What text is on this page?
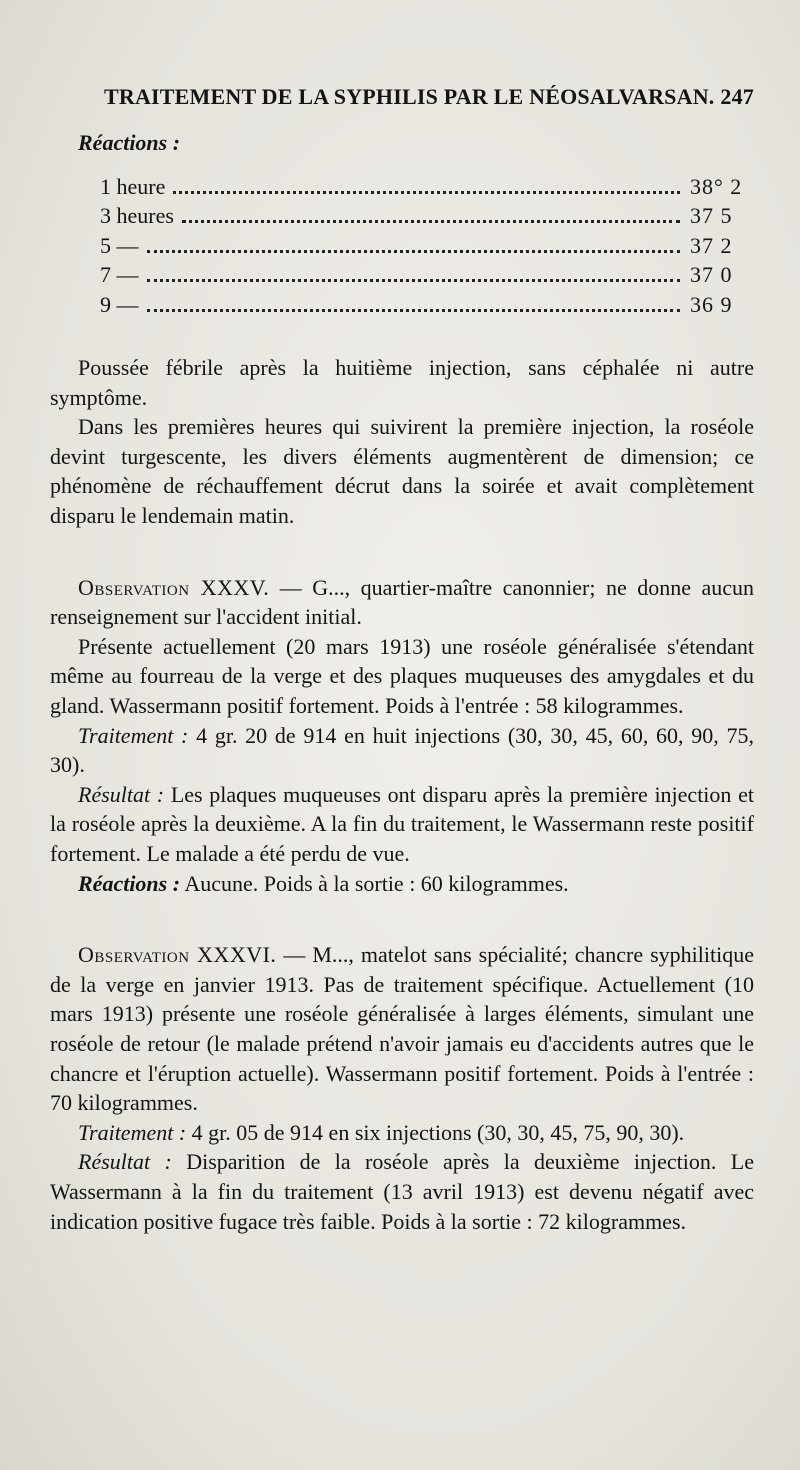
TRAITEMENT DE LA SYPHILIS PAR LE NÉOSALVARSAN. 247
Réactions :
1 heure	38° 2
3 heures	37 5
5 —	37 2
7 —	37 0
9 —	36 9

Poussée fébrile après la huitième injection, sans céphalée ni autre symptôme.

Dans les premières heures qui suivirent la première injection, la roséole devint turgescente, les divers éléments augmentèrent de dimension; ce phénomène de réchauffement décrut dans la soirée et avait complètement disparu le lendemain matin.

Observation XXXV. — G..., quartier-maître canonnier; ne donne aucun renseignement sur l'accident initial.

Présente actuellement (20 mars 1913) une roséole généralisée s'étendant même au fourreau de la verge et des plaques muqueuses des amygdales et du gland. Wassermann positif fortement. Poids à l'entrée : 58 kilogrammes.

Traitement : 4 gr. 20 de 914 en huit injections (30, 30, 45, 60, 60, 90, 75, 30).

Résultat : Les plaques muqueuses ont disparu après la première injection et la roséole après la deuxième. A la fin du traitement, le Wassermann reste positif fortement. Le malade a été perdu de vue.

Réactions : Aucune. Poids à la sortie : 60 kilogrammes.

Observation XXXVI. — M..., matelot sans spécialité; chancre syphilitique de la verge en janvier 1913. Pas de traitement spécifique. Actuellement (10 mars 1913) présente une roséole généralisée à larges éléments, simulant une roséole de retour (le malade prétend n'avoir jamais eu d'accidents autres que le chancre et l'éruption actuelle). Wassermann positif fortement. Poids à l'entrée : 70 kilogrammes.

Traitement : 4 gr. 05 de 914 en six injections (30, 30, 45, 75, 90, 30).

Résultat : Disparition de la roséole après la deuxième injection. Le Wassermann à la fin du traitement (13 avril 1913) est devenu négatif avec indication positive fugace très faible. Poids à la sortie : 72 kilogrammes.
